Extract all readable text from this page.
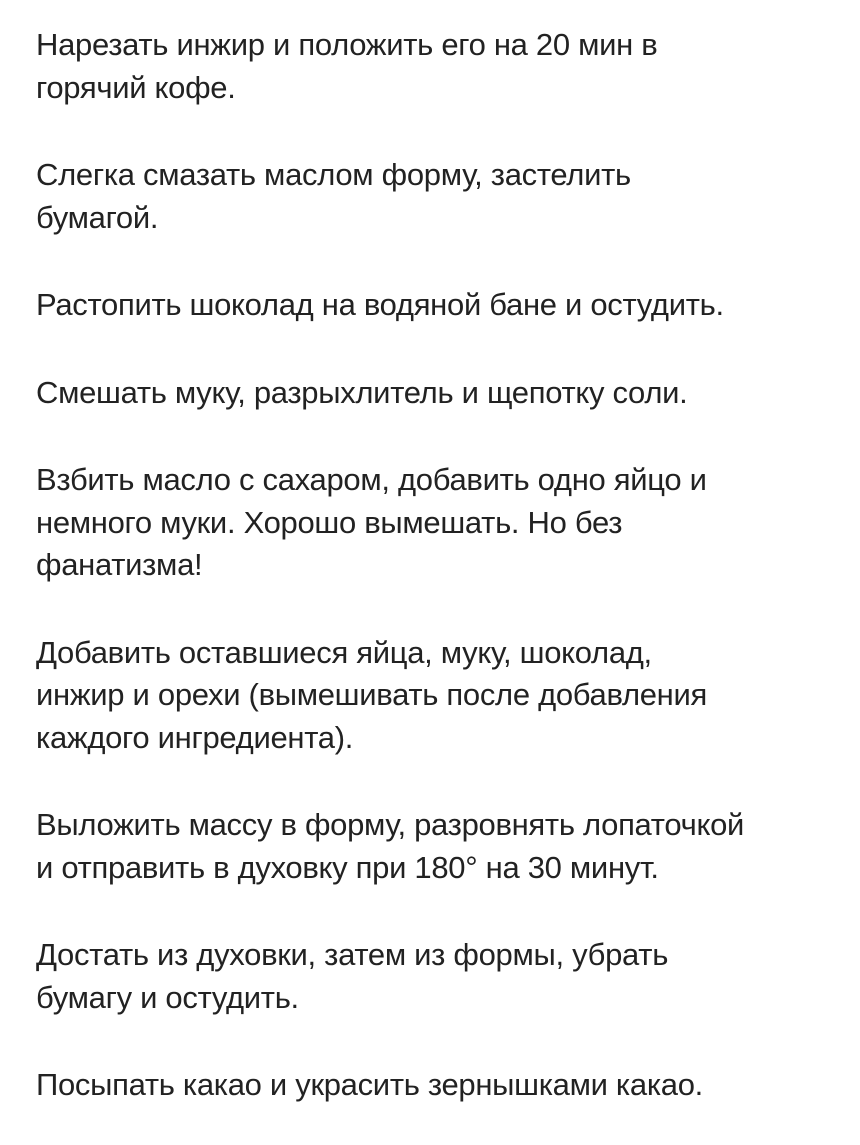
Нарезать инжир и положить его на 20 мин в
горячий кофе.

Слегка смазать маслом форму, застелить
бумагой.

Растопить шоколад на водяной бане и остудить.

Смешать муку, разрыхлитель и щепотку соли.

Взбить масло с сахаром, добавить одно яйцо и
немного муки. Хорошо вымешать. Но без
фанатизма!

Добавить оставшиеся яйца, муку, шоколад,
инжир и орехи (вымешивать после добавления
каждого ингредиента).

Выложить массу в форму, разровнять лопаточкой
и отправить в духовку при 180° на 30 минут.

Достать из духовки, затем из формы, убрать
бумагу и остудить.

Посыпать какао и украсить зернышками какао.
